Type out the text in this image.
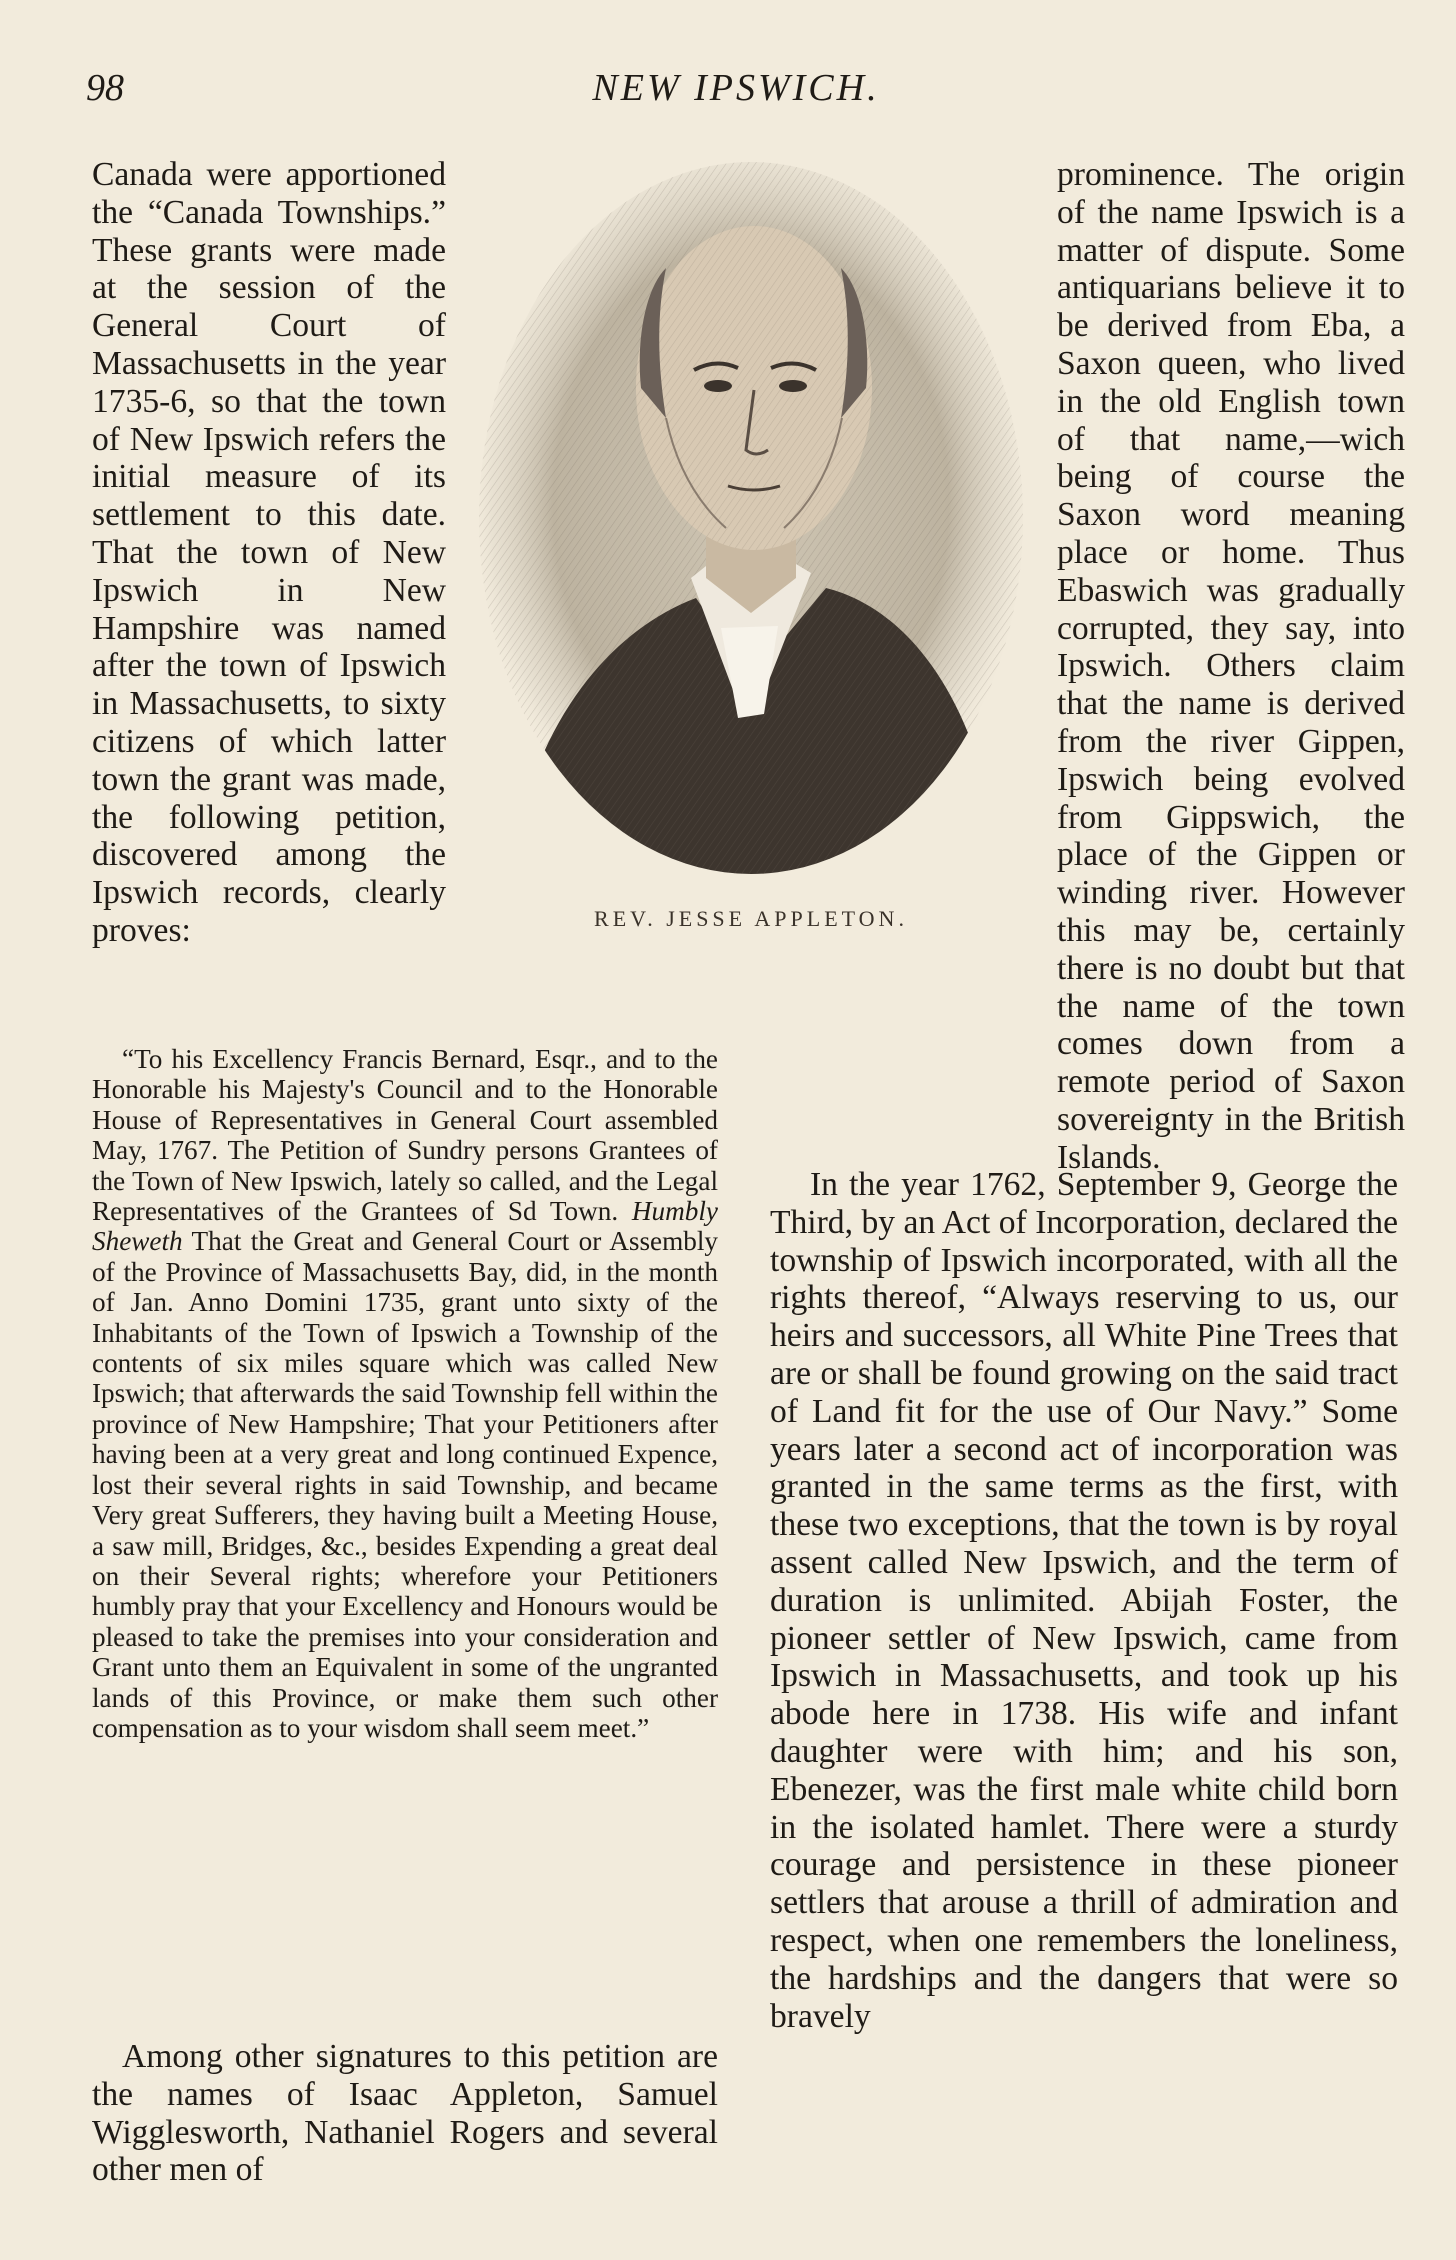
98	NEW IPSWICH.

Canada were apportioned the “Canada Townships.” These grants were made at the session of the General Court of Massachusetts in the year 1735-6, so that the town of New Ipswich refers the initial measure of its settlement to this date. That the town of New Ipswich in New Hampshire was named after the town of Ipswich in Massachusetts, to sixty citizens of which latter town the grant was made, the following petition, discovered among the Ipswich records, clearly proves:	REV. JESSE APPLETON.

prominence. The origin of the name Ipswich is a matter of dispute. Some antiquarians believe it to be derived from Eba, a Saxon queen, who lived in the old English town of that name,—wich being of course the Saxon word meaning place or home. Thus Ebaswich was gradually corrupted, they say, into Ipswich. Others claim that the name is derived from the river Gippen, Ipswich being evolved from Gippswich, the place of the Gippen or winding river. However this may be, certainly there is no doubt but that the name of the town comes down from a remote period of Saxon sovereignty in the British Islands.

“To his Excellency Francis Bernard, Esqr., and to the Honorable his Majesty's Council and to the Honorable House of Representatives in General Court assembled May, 1767. The Petition of Sundry persons Grantees of the Town of New Ipswich, lately so called, and the Legal Representatives of the Grantees of Sd Town. Humbly Sheweth That the Great and General Court or Assembly of the Province of Massachusetts Bay, did, in the month of Jan. Anno Domini 1735, grant unto sixty of the Inhabitants of the Town of Ipswich a Township of the contents of six miles square which was called New Ipswich; that afterwards the said Township fell within the province of New Hampshire; That your Petitioners after having been at a very great and long continued Expence, lost their several rights in said Township, and became Very great Sufferers, they having built a Meeting House, a saw mill, Bridges, &c., besides Expending a great deal on their Several rights; wherefore your Petitioners humbly pray that your Excellency and Honours would be pleased to take the premises into your consideration and Grant unto them an Equivalent in some of the ungranted lands of this Province, or make them such other compensation as to your wisdom shall seem meet.”

Among other signatures to this petition are the names of Isaac Appleton, Samuel Wigglesworth, Nathaniel Rogers and several other men of

In the year 1762, September 9, George the Third, by an Act of Incorporation, declared the township of Ipswich incorporated, with all the rights thereof, “Always reserving to us, our heirs and successors, all White Pine Trees that are or shall be found growing on the said tract of Land fit for the use of Our Navy.” Some years later a second act of incorporation was granted in the same terms as the first, with these two exceptions, that the town is by royal assent called New Ipswich, and the term of duration is unlimited. Abijah Foster, the pioneer settler of New Ipswich, came from Ipswich in Massachusetts, and took up his abode here in 1738. His wife and infant daughter were with him; and his son, Ebenezer, was the first male white child born in the isolated hamlet. There were a sturdy courage and persistence in these pioneer settlers that arouse a thrill of admiration and respect, when one remembers the loneliness, the hardships and the dangers that were so bravely
